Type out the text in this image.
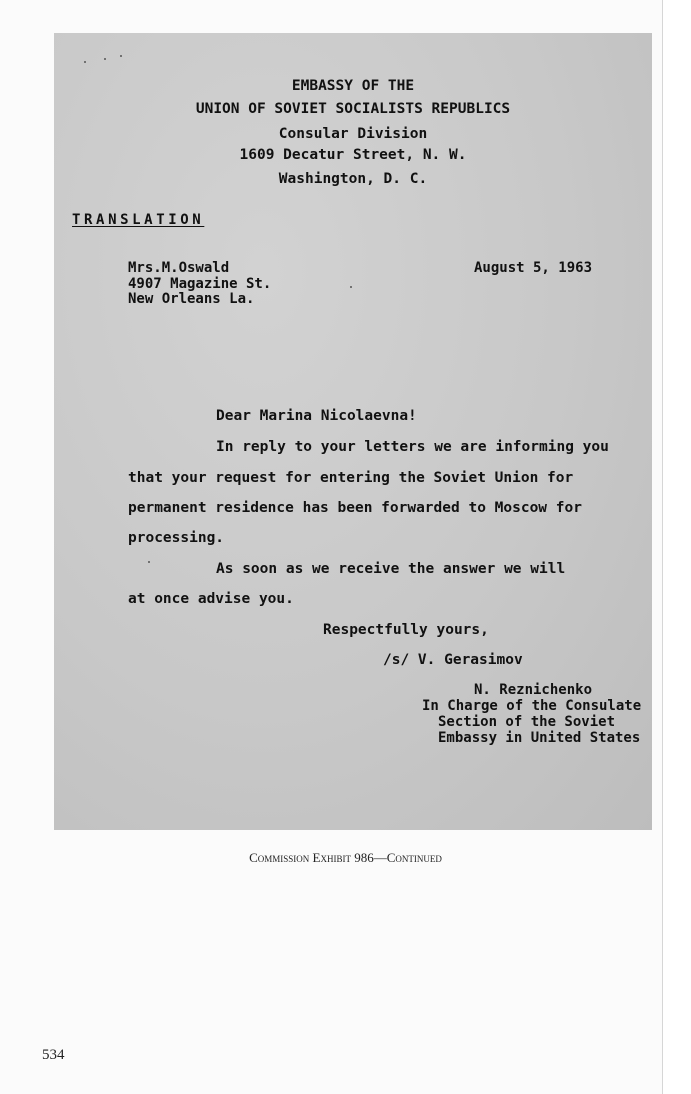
EMBASSY OF THE
UNION OF SOVIET SOCIALISTS REPUBLICS
Consular Division
1609 Decatur Street, N. W.
Washington, D. C.
TRANSLATION
Mrs.M.Oswald
4907 Magazine St.
New Orleans La.
August 5, 1963
Dear Marina Nicolaevna!
In reply to your letters we are informing you
that your request for entering the Soviet Union for
permanent residence has been forwarded to Moscow for
processing.
As soon as we receive the answer we will
at once advise you.
Respectfully yours,
/s/ V. Gerasimov
N. Reznichenko
In Charge of the Consulate
Section of the Soviet
Embassy in United States
Commission Exhibit 986—Continued
534
